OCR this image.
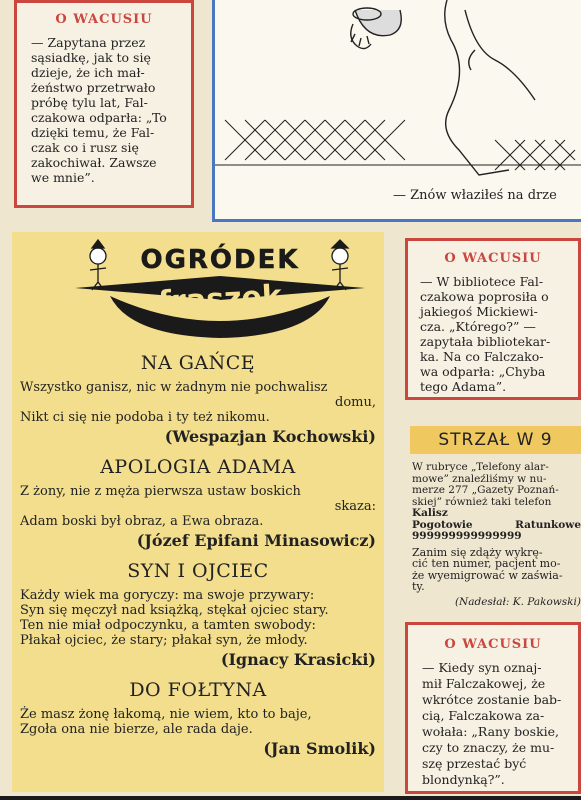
O WACUSIU
— Zapytana przez
sąsiadkę, jak to się
dzieje, że ich mał-
żeństwo przetrwało
próbę tylu lat, Fal-
czakowa odparła: „To
dzięki temu, że Fal-
czak co i rusz się
zakochiwał. Zawsze
we mnie”.
— Znów właziłeś na drze
OGRÓDEK
fraszek
NA GAŃCĘ
Wszystko ganisz, nic w żadnym nie pochwalisz
domu,
Nikt ci się nie podoba i ty też nikomu.
(Wespazjan Kochowski)
APOLOGIA ADAMA
Z żony, nie z męża pierwsza ustaw boskich
skaza:
Adam boski był obraz, a Ewa obraza.
(Józef Epifani Minasowicz)
SYN I OJCIEC
Każdy wiek ma goryczy: ma swoje przywary:
Syn się męczył nad książką, stękał ojciec stary.
Ten nie miał odpoczynku, a tamten swobody:
Płakał ojciec, że stary; płakał syn, że młody.
(Ignacy Krasicki)
DO FOŁTYNA
Że masz żonę łakomą, nie wiem, kto to baje,
Zgoła ona nie bierze, ale rada daje.
(Jan Smolik)
O WACUSIU
— W bibliotece Fal-
czakowa poprosiła o
jakiegoś Mickiewi-
cza. „Którego?” —
zapytała bibliotekar-
ka. Na co Falczako-
wa odparła: „Chyba
tego Adama”.
STRZAŁ W 9
W rubryce „Telefony alar-
mowe” znaleźliśmy w nu-
merze 277 „Gazety Poznań-
skiej” również taki telefon
Kalisz
Pogotowie	Ratunkowe
999999999999999
Zanim się zdąży wykrę-
cić ten numer, pacjent mo-
że wyemigrować w zaświa-
ty.
(Nadesłał: K. Pakowski)
O WACUSIU
— Kiedy syn oznaj-
mił Falczakowej, że
wkrótce zostanie bab-
cią, Falczakowa za-
wołała: „Rany boskie,
czy to znaczy, że mu-
szę przestać być
blondynką?”.
